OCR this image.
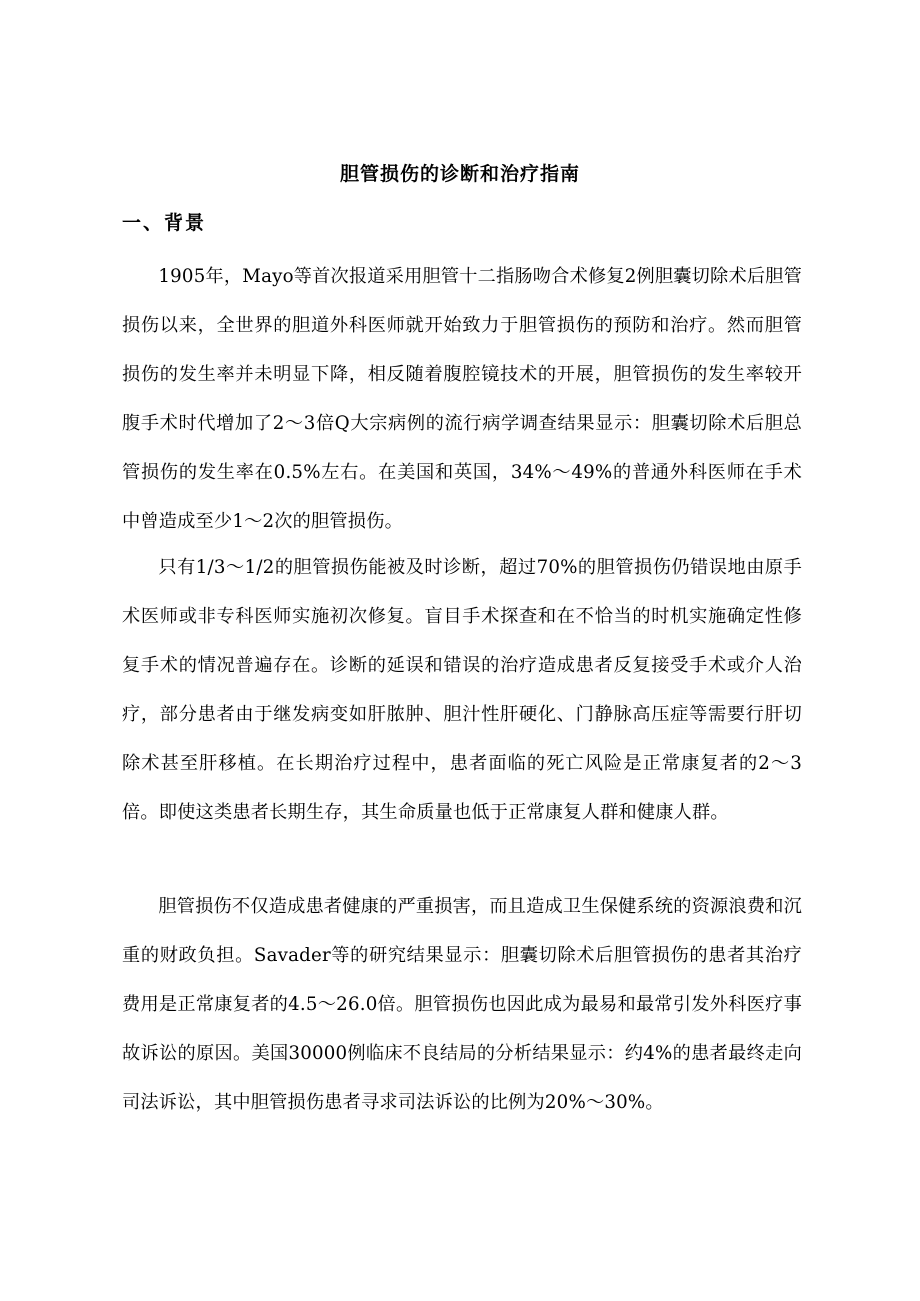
胆管损伤的诊断和治疗指南
一、背景

1905年，Mayo等首次报道采用胆管十二指肠吻合术修复2例胆囊切除术后胆管损伤以来，全世界的胆道外科医师就开始致力于胆管损伤的预防和治疗。然而胆管损伤的发生率并未明显下降，相反随着腹腔镜技术的开展，胆管损伤的发生率较开腹手术时代增加了2～3倍Q大宗病例的流行病学调查结果显示：胆囊切除术后胆总管损伤的发生率在0.5%左右。在美国和英国，34%～49%的普通外科医师在手术中曾造成至少1～2次的胆管损伤。

只有1/3～1/2的胆管损伤能被及时诊断，超过70%的胆管损伤仍错误地由原手术医师或非专科医师实施初次修复。盲目手术探查和在不恰当的时机实施确定性修复手术的情况普遍存在。诊断的延误和错误的治疗造成患者反复接受手术或介人治疗，部分患者由于继发病变如肝脓肿、胆汁性肝硬化、门静脉高压症等需要行肝切除术甚至肝移植。在长期治疗过程中，患者面临的死亡风险是正常康复者的2～3倍。即使这类患者长期生存，其生命质量也低于正常康复人群和健康人群。

胆管损伤不仅造成患者健康的严重损害，而且造成卫生保健系统的资源浪费和沉重的财政负担。Savader等的研究结果显示：胆囊切除术后胆管损伤的患者其治疗费用是正常康复者的4.5～26.0倍。胆管损伤也因此成为最易和最常引发外科医疗事故诉讼的原因。美国30000例临床不良结局的分析结果显示：约4%的患者最终走向司法诉讼，其中胆管损伤患者寻求司法诉讼的比例为20%～30%。
